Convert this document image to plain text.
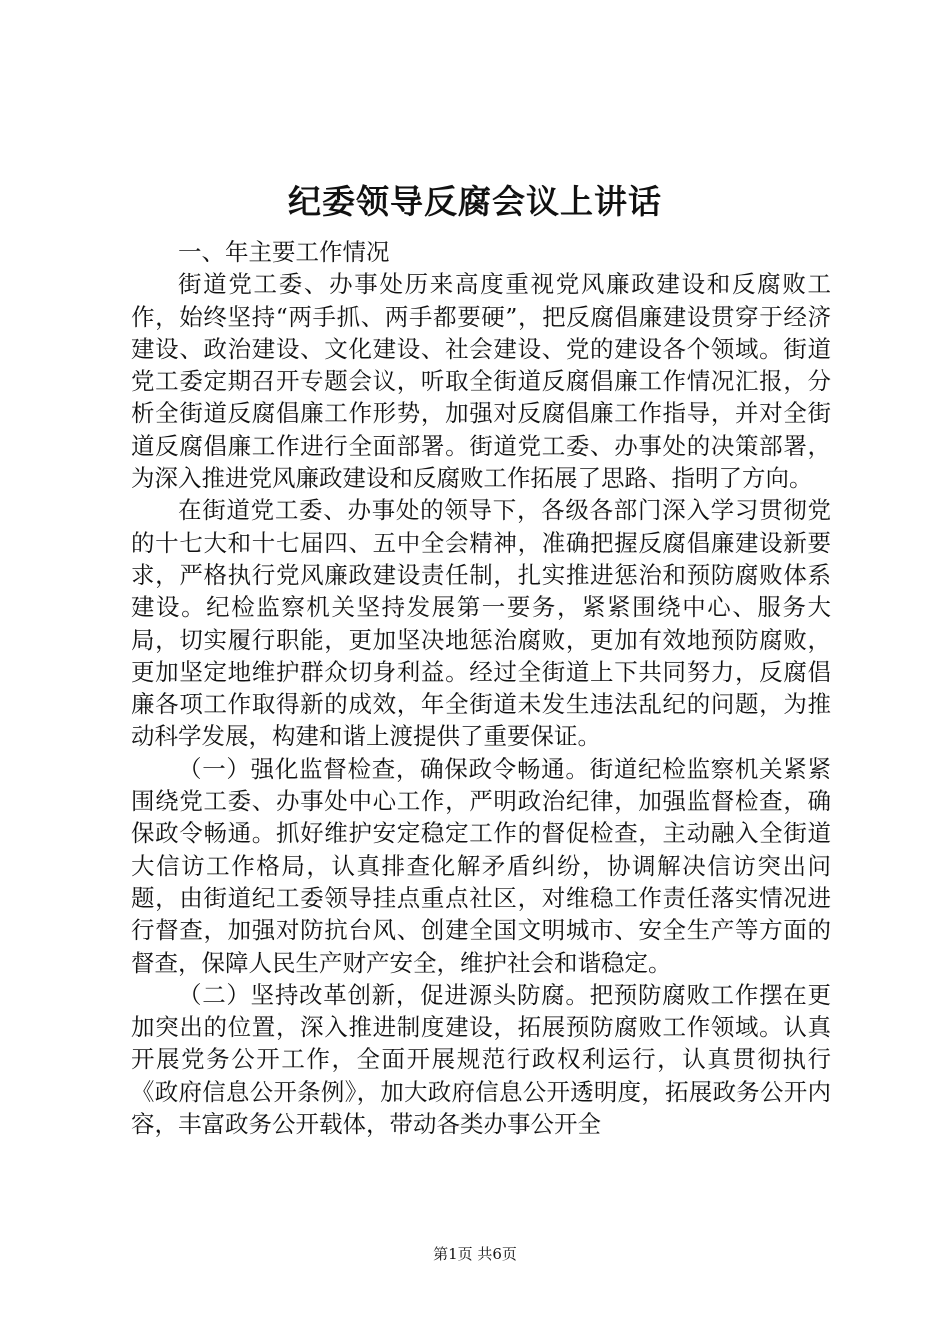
纪委领导反腐会议上讲话

一、年主要工作情况

街道党工委、办事处历来高度重视党风廉政建设和反腐败工作，始终坚持“两手抓、两手都要硬”，把反腐倡廉建设贯穿于经济建设、政治建设、文化建设、社会建设、党的建设各个领域。街道党工委定期召开专题会议，听取全街道反腐倡廉工作情况汇报，分析全街道反腐倡廉工作形势，加强对反腐倡廉工作指导，并对全街道反腐倡廉工作进行全面部署。街道党工委、办事处的决策部署，为深入推进党风廉政建设和反腐败工作拓展了思路、指明了方向。

在街道党工委、办事处的领导下，各级各部门深入学习贯彻党的十七大和十七届四、五中全会精神，准确把握反腐倡廉建设新要求，严格执行党风廉政建设责任制，扎实推进惩治和预防腐败体系建设。纪检监察机关坚持发展第一要务，紧紧围绕中心、服务大局，切实履行职能，更加坚决地惩治腐败，更加有效地预防腐败，更加坚定地维护群众切身利益。经过全街道上下共同努力，反腐倡廉各项工作取得新的成效，年全街道未发生违法乱纪的问题，为推动科学发展，构建和谐上渡提供了重要保证。

（一）强化监督检查，确保政令畅通。街道纪检监察机关紧紧围绕党工委、办事处中心工作，严明政治纪律，加强监督检查，确保政令畅通。抓好维护安定稳定工作的督促检查，主动融入全街道大信访工作格局，认真排查化解矛盾纠纷，协调解决信访突出问题，由街道纪工委领导挂点重点社区，对维稳工作责任落实情况进行督查，加强对防抗台风、创建全国文明城市、安全生产等方面的督查，保障人民生产财产安全，维护社会和谐稳定。

（二）坚持改革创新，促进源头防腐。把预防腐败工作摆在更加突出的位置，深入推进制度建设，拓展预防腐败工作领域。认真开展党务公开工作，全面开展规范行政权利运行，认真贯彻执行《政府信息公开条例》，加大政府信息公开透明度，拓展政务公开内容，丰富政务公开载体，带动各类办事公开全

第1页 共6页
